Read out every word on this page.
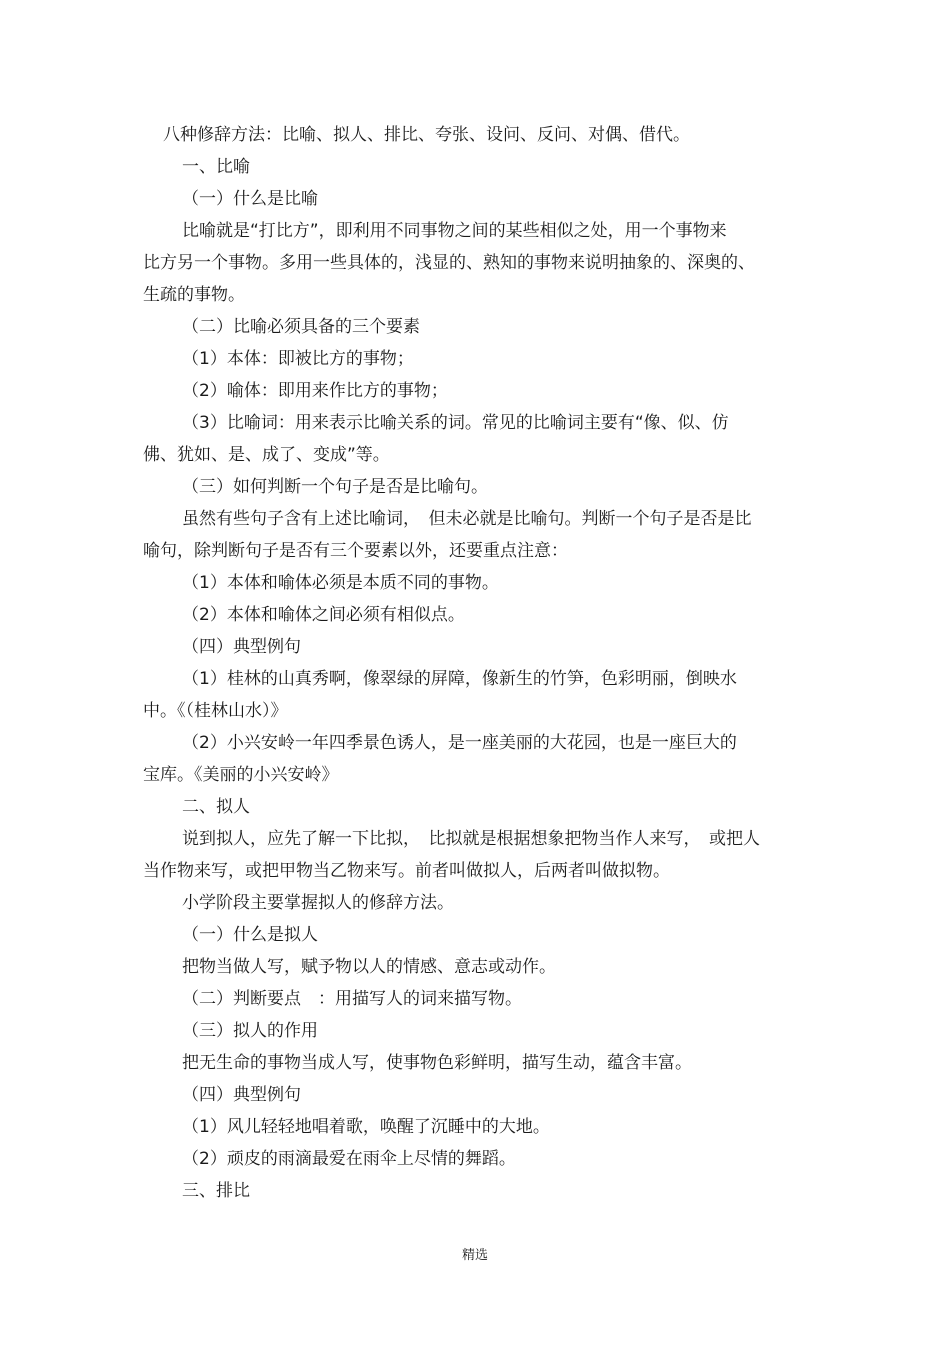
八种修辞方法：比喻、拟人、排比、夸张、设问、反问、对偶、借代。
一、比喻
（一）什么是比喻
比喻就是“打比方”，即利用不同事物之间的某些相似之处，用一个事物来
比方另一个事物。多用一些具体的，浅显的、熟知的事物来说明抽象的、深奥的、
生疏的事物。
（二）比喻必须具备的三个要素
（1）本体：即被比方的事物；
（2）喻体：即用来作比方的事物；
（3）比喻词：用来表示比喻关系的词。常见的比喻词主要有“像、似、仿
佛、犹如、是、成了、变成”等。
（三）如何判断一个句子是否是比喻句。
虽然有些句子含有上述比喻词，　但未必就是比喻句。判断一个句子是否是比
喻句，除判断句子是否有三个要素以外，还要重点注意：
（1）本体和喻体必须是本质不同的事物。
（2）本体和喻体之间必须有相似点。
（四）典型例句
（1）桂林的山真秀啊，像翠绿的屏障，像新生的竹笋，色彩明丽，倒映水
中。《（桂林山水）》
（2）小兴安岭一年四季景色诱人，是一座美丽的大花园，也是一座巨大的
宝库。《美丽的小兴安岭》
二、拟人
说到拟人，应先了解一下比拟，　比拟就是根据想象把物当作人来写，　或把人
当作物来写，或把甲物当乙物来写。前者叫做拟人，后两者叫做拟物。
小学阶段主要掌握拟人的修辞方法。
（一）什么是拟人
把物当做人写，赋予物以人的情感、意志或动作。
（二）判断要点　：用描写人的词来描写物。
（三）拟人的作用
把无生命的事物当成人写，使事物色彩鲜明，描写生动，蕴含丰富。
（四）典型例句
（1）风儿轻轻地唱着歌，唤醒了沉睡中的大地。
（2）顽皮的雨滴最爱在雨伞上尽情的舞蹈。
三、排比
精选
